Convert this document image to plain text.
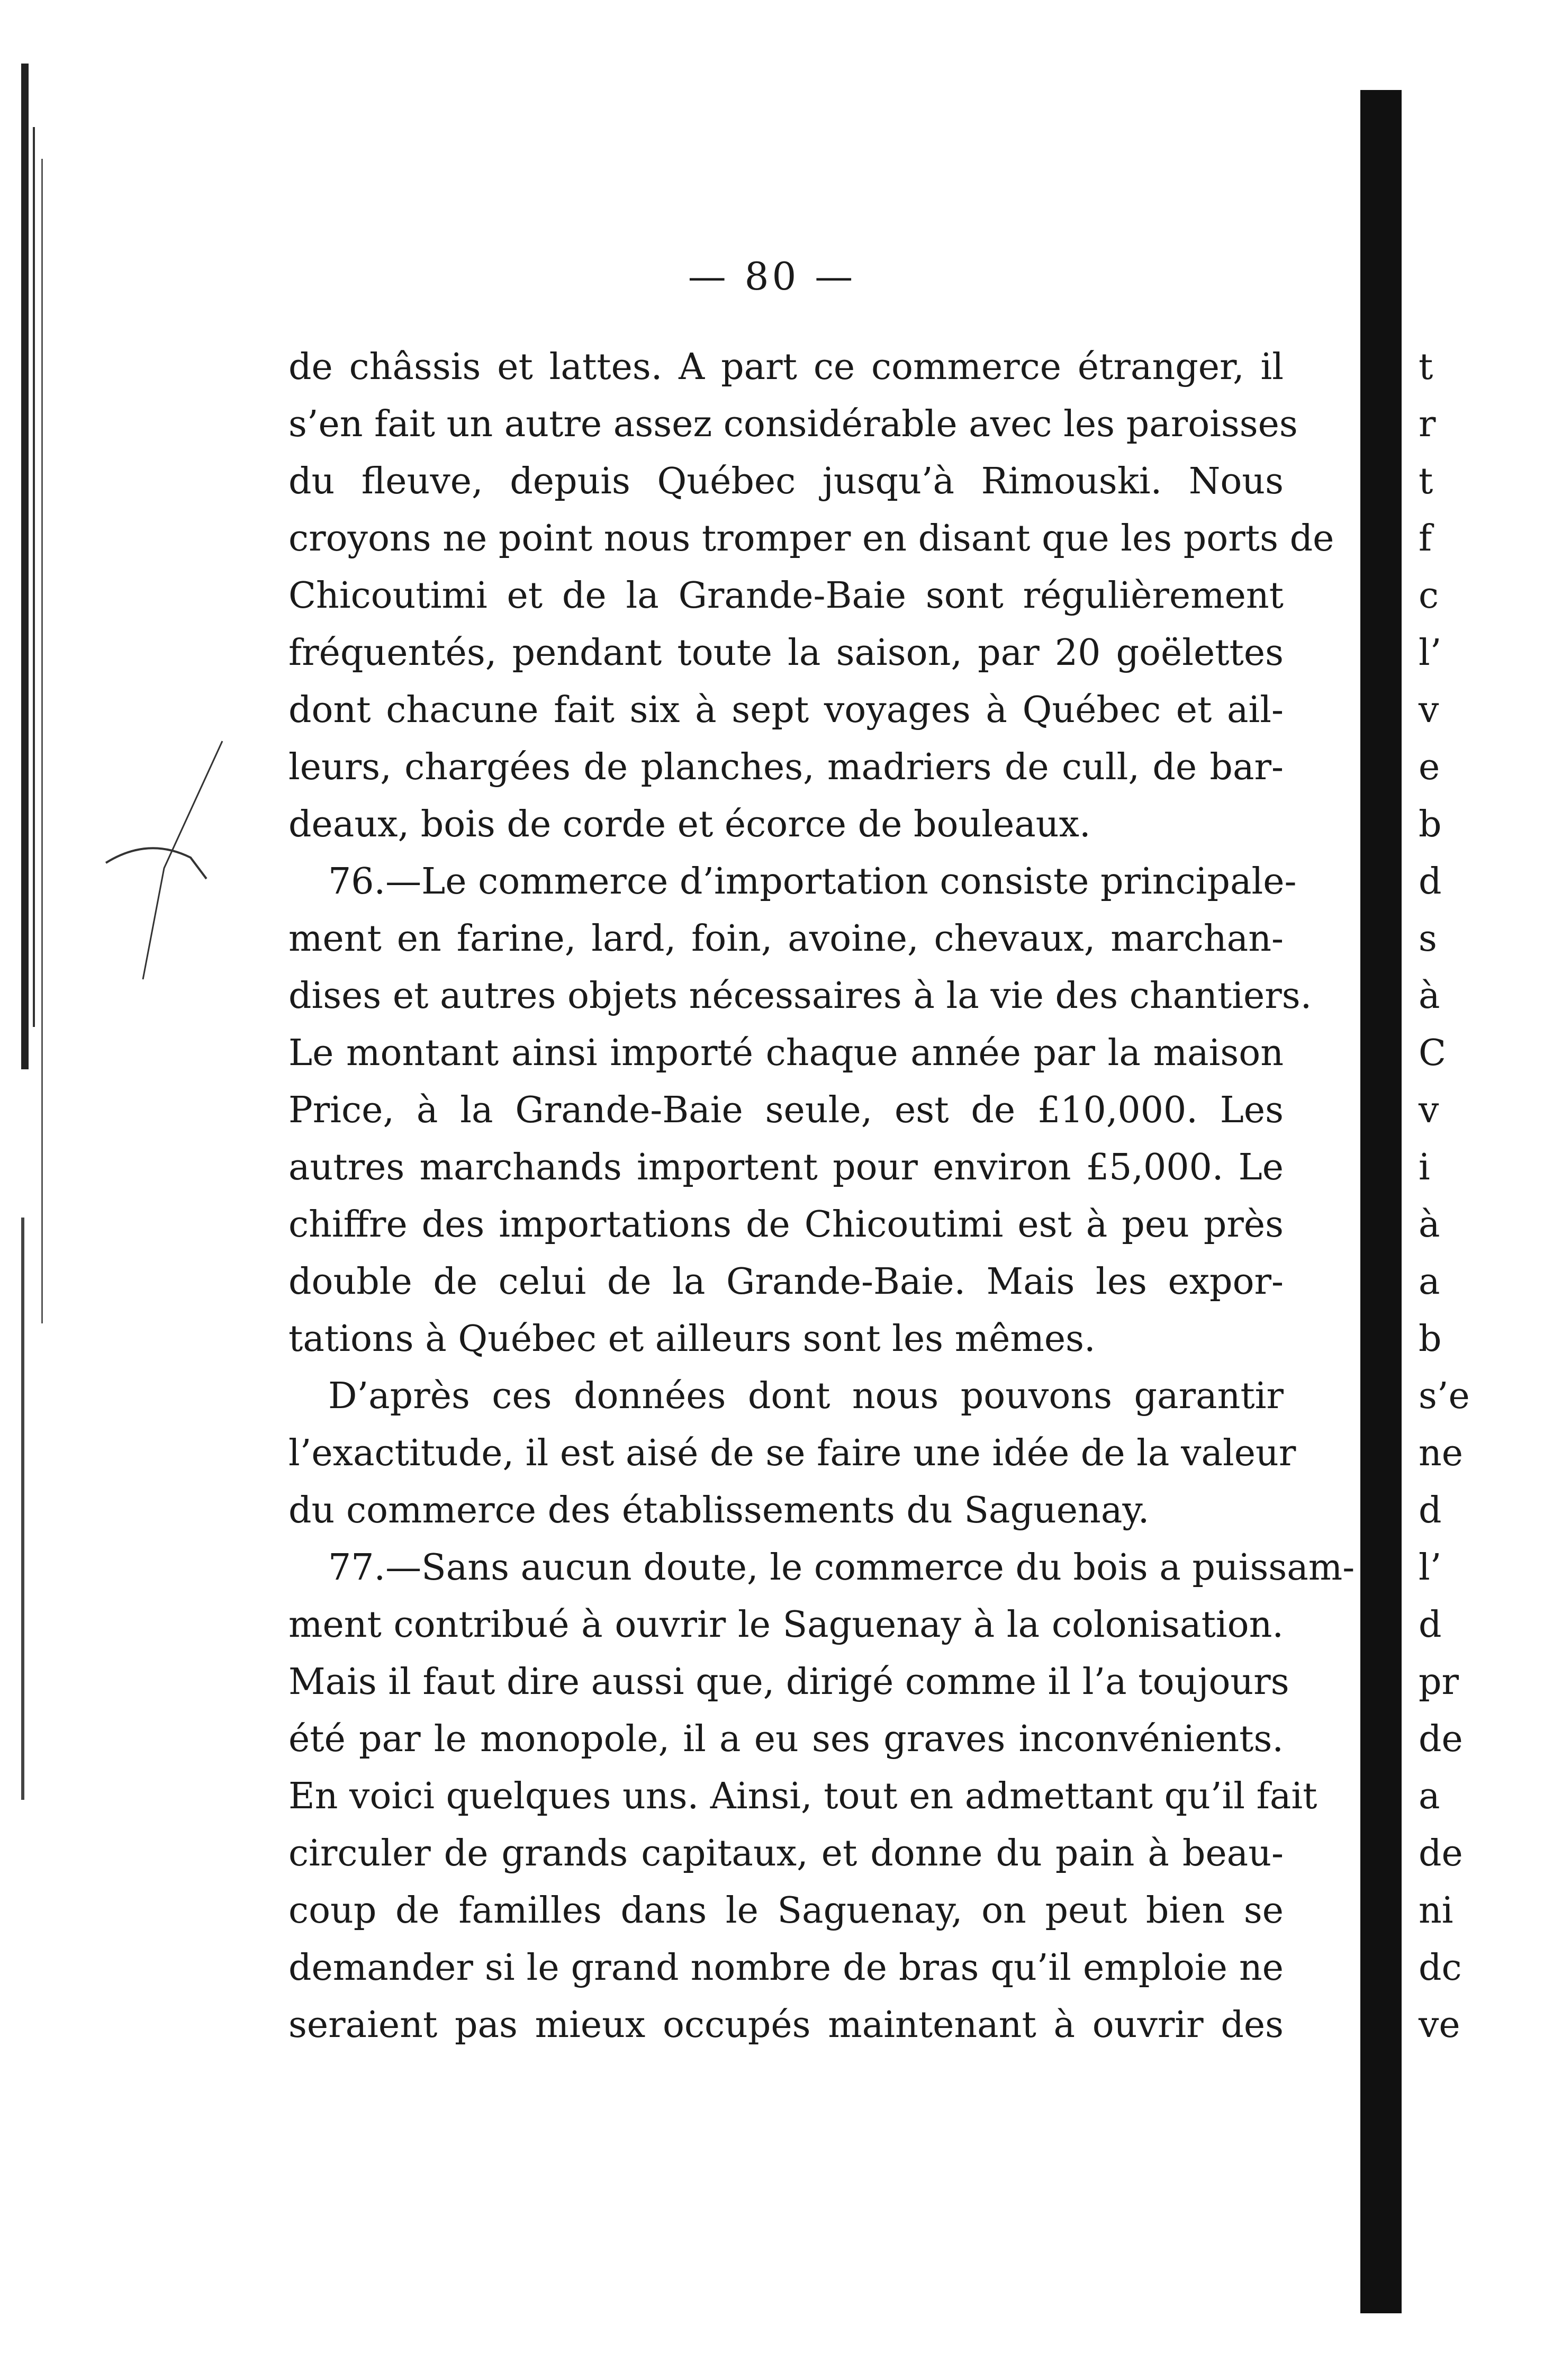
— 80 —
de châssis et lattes. A part ce commerce étranger, il
s’en fait un autre assez considérable avec les paroisses
du fleuve, depuis Québec jusqu’à Rimouski. Nous
croyons ne point nous tromper en disant que les ports de
Chicoutimi et de la Grande-Baie sont régulièrement
fréquentés, pendant toute la saison, par 20 goëlettes
dont chacune fait six à sept voyages à Québec et ail-
leurs, chargées de planches, madriers de cull, de bar-
deaux, bois de corde et écorce de bouleaux.
76.—Le commerce d’importation consiste principale-
ment en farine, lard, foin, avoine, chevaux, marchan-
dises et autres objets nécessaires à la vie des chantiers.
Le montant ainsi importé chaque année par la maison
Price, à la Grande-Baie seule, est de £10,000. Les
autres marchands importent pour environ £5,000. Le
chiffre des importations de Chicoutimi est à peu près
double de celui de la Grande-Baie. Mais les expor-
tations à Québec et ailleurs sont les mêmes.
D’après ces données dont nous pouvons garantir
l’exactitude, il est aisé de se faire une idée de la valeur
du commerce des établissements du Saguenay.
77.—Sans aucun doute, le commerce du bois a puissam-
ment contribué à ouvrir le Saguenay à la colonisation.
Mais il faut dire aussi que, dirigé comme il l’a toujours
été par le monopole, il a eu ses graves inconvénients.
En voici quelques uns. Ainsi, tout en admettant qu’il fait
circuler de grands capitaux, et donne du pain à beau-
coup de familles dans le Saguenay, on peut bien se
demander si le grand nombre de bras qu’il emploie ne
seraient pas mieux occupés maintenant à ouvrir des
t
r
t
f
c
l’
v
e
b
d
s
à
C
v
i
à
a
b
s’e
ne
d
l’
d
pr
de
a
de
ni
dc
ve
